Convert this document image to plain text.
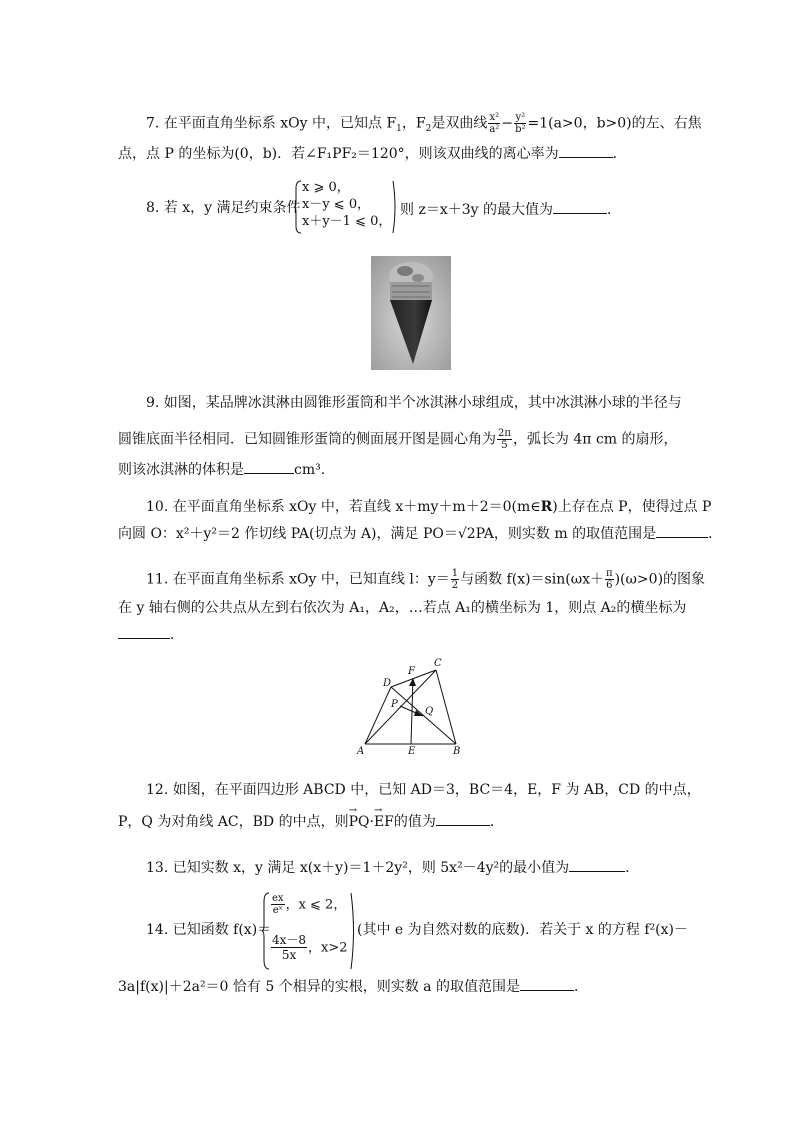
7. 在平面直角坐标系 xOy 中，已知点 $F_1$，$F_2$是双曲线 $\frac{\text{x²}}{\text{a²}} - \frac{\text{y²}}{\text{b²}} =1(a>0$，b>0)的左、右焦
点，点 P 的坐标为(0，b)．若∠F₁PF₂＝120°，则该双曲线的离心率为	．
8. 若 x，y 满足约束条件
x ⩾ 0，
x－y ⩽ 0，
x＋y－1 ⩽ 0，
则 z＝x＋3y 的最大值为	．
9. 如图，某品牌冰淇淋由圆锥形蛋筒和半个冰淇淋小球组成，其中冰淇淋小球的半径与
圆锥底面半径相同．已知圆锥形蛋筒的侧面展开图是圆心角为 $\frac{2\pi}{5}$ ，弧长为 4π cm 的扇形，
则该冰淇淋的体积是	cm³.
10. 在平面直角坐标系 xOy 中，若直线 x＋my＋m＋2＝0(m∈R)上存在点 P，使得过点 P
向圆 O：x²＋y²＝2 作切线 PA(切点为 A)，满足 PO＝√2PA，则实数 m 的取值范围是	．
11. 在平面直角坐标系 xOy 中，已知直线 l：$y= \frac{1}{2}$ 与函数 $f(x)=\sin(\omega x+ \frac{\pi}{6} )(\omega>0)$的图象
在 y 轴右侧的公共点从左到右依次为 A₁，A₂，…若点 A₁的横坐标为 1，则点 A₂的横坐标为
．
A	B
C
D
E
F
P
Q
12. 如图，在平面四边形 ABCD 中，已知 AD＝3，BC＝4，E，F 为 AB，CD 的中点，
P，Q 为对角线 AC，BD 的中点，则→ PQ·→ EF的值为	．
13. 已知实数 x，y 满足 x(x＋y)＝1＋2y²，则 5x²－4y²的最小值为	．
14. 已知函数 f(x)＝
$\frac{ex}{\text{eˣ}}$ ，x ⩽ 2，
$\frac{4x-8}{5x}$ ，x>2
(其中 e 为自然对数的底数)．若关于 x 的方程 f²(x)－
3a|f(x)|＋2a²＝0 恰有 5 个相异的实根，则实数 a 的取值范围是	．
